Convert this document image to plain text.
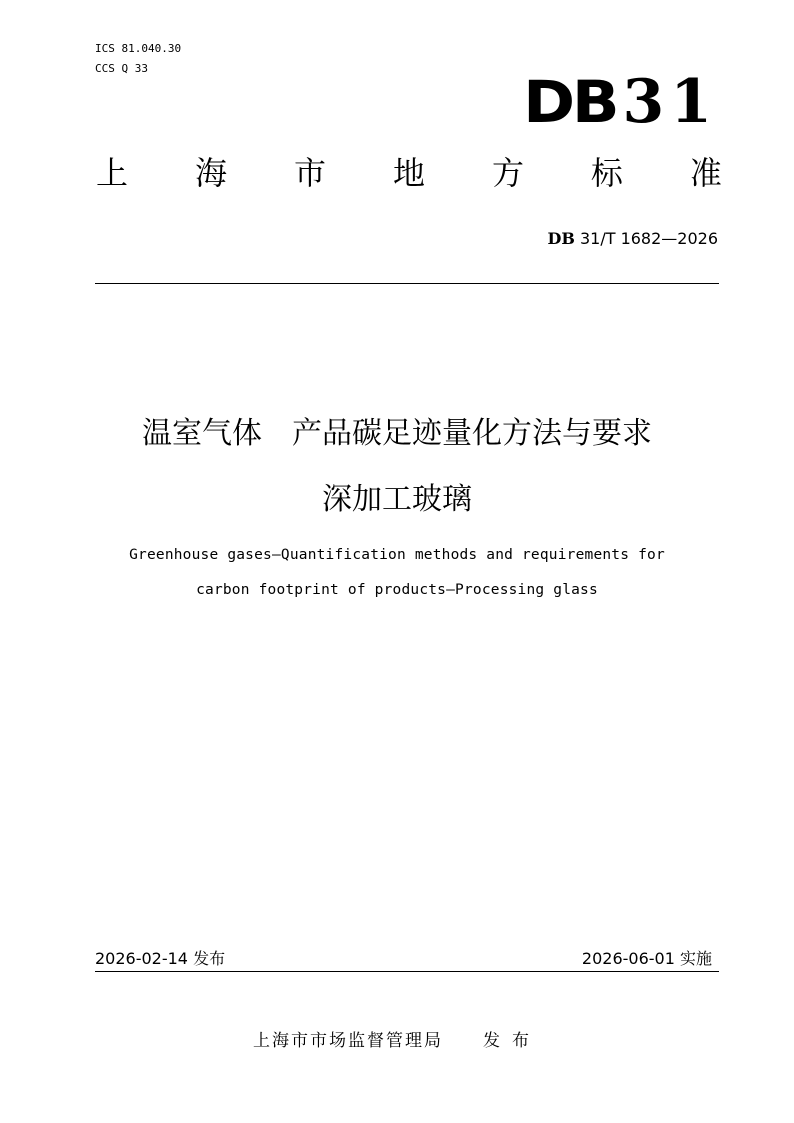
ICS 81.040.30
CCS Q 33	DB 31
上 海 市 地 方 标 准
DB 31/T 1682—2026
温室气体　产品碳足迹量化方法与要求
深加工玻璃
Greenhouse gases—Quantification methods and requirements for
carbon footprint of products—Processing glass
2026-02-14 发布	2026-06-01 实施
上海市市场监督管理局 发布
